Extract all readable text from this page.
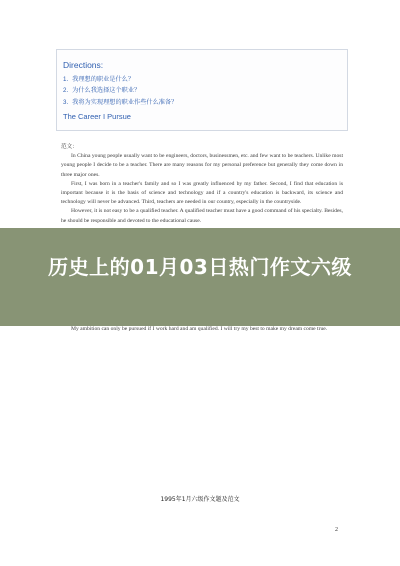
Directions:
1. 我理想的职业是什么？
2. 为什么我选择这个职业？
3. 我将为实现理想的职业作些什么准备？
The Career I Pursue
范文：

In China young people usually want to be engineers, doctors, businessmen, etc. and few want to be teachers. Unlike most young people I decide to be a teacher. There are many reasons for my personal preference but generally they come down in three major ones.

First, I was born in a teacher's family and so I was greatly influenced by my father. Second, I find that education is important because it is the basis of science and technology and if a country's education is backward, its science and technology will never be advanced. Third, teachers are needed in our country, especially in the countryside.

However, it is not easy to be a qualified teacher. A qualified teacher must have a good command of his specialty. Besides, he should be responsible and devoted to the educational cause.

My ambition can only be pursued if I work hard and am qualified. I will try my best to make my dream come true.

1995年1月六级作文题及范文
2
历史上的01月03日热门作文六级
